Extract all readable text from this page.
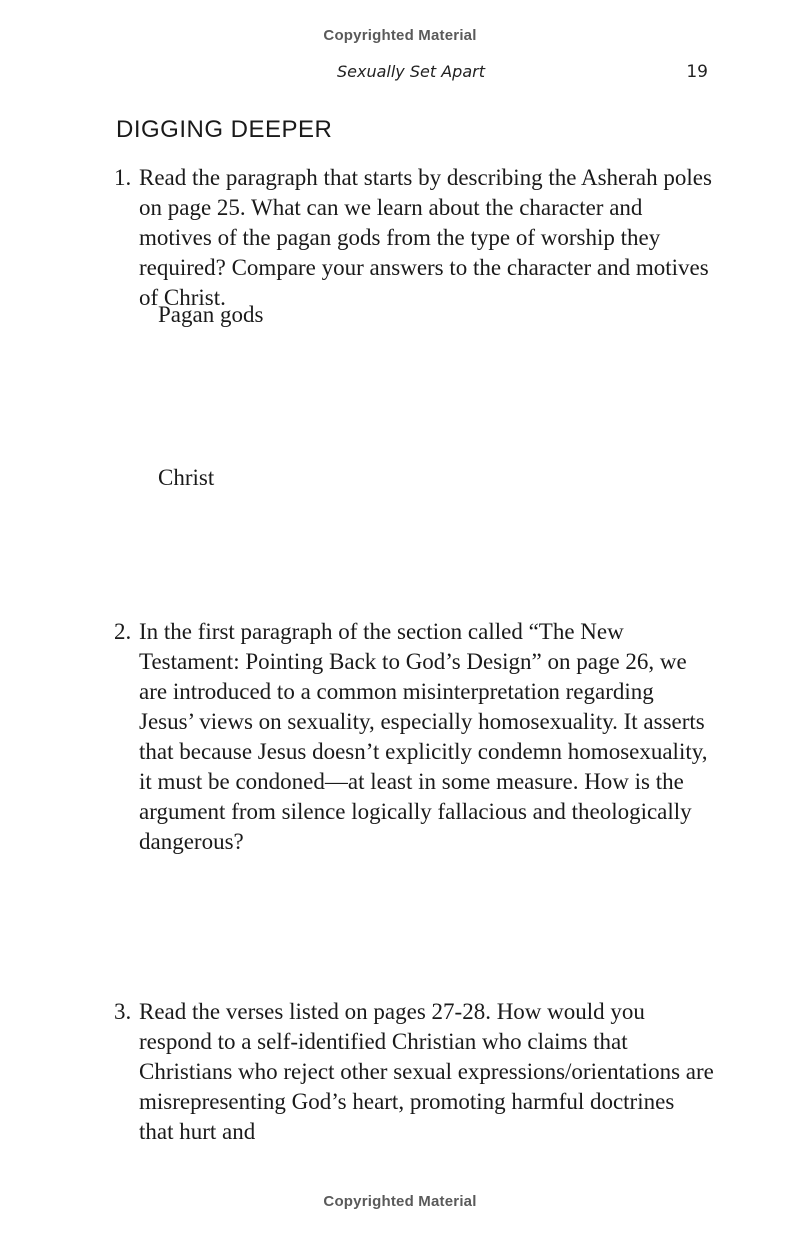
Copyrighted Material
Sexually Set Apart	19
DIGGING DEEPER
1. Read the paragraph that starts by describing the Asherah poles on page 25. What can we learn about the character and motives of the pagan gods from the type of worship they required? Compare your answers to the character and motives of Christ.
Pagan gods
Christ
2. In the first paragraph of the section called “The New Testament: Pointing Back to God’s Design” on page 26, we are introduced to a common misinterpretation regarding Jesus’ views on sexuality, especially homosexuality. It asserts that because Jesus doesn’t explicitly condemn homosexuality, it must be condoned—at least in some measure. How is the argument from silence logically fallacious and theologically dangerous?
3. Read the verses listed on pages 27-28. How would you respond to a self-identified Christian who claims that Christians who reject other sexual expressions/orientations are misrepresenting God’s heart, promoting harmful doctrines that hurt and
Copyrighted Material
